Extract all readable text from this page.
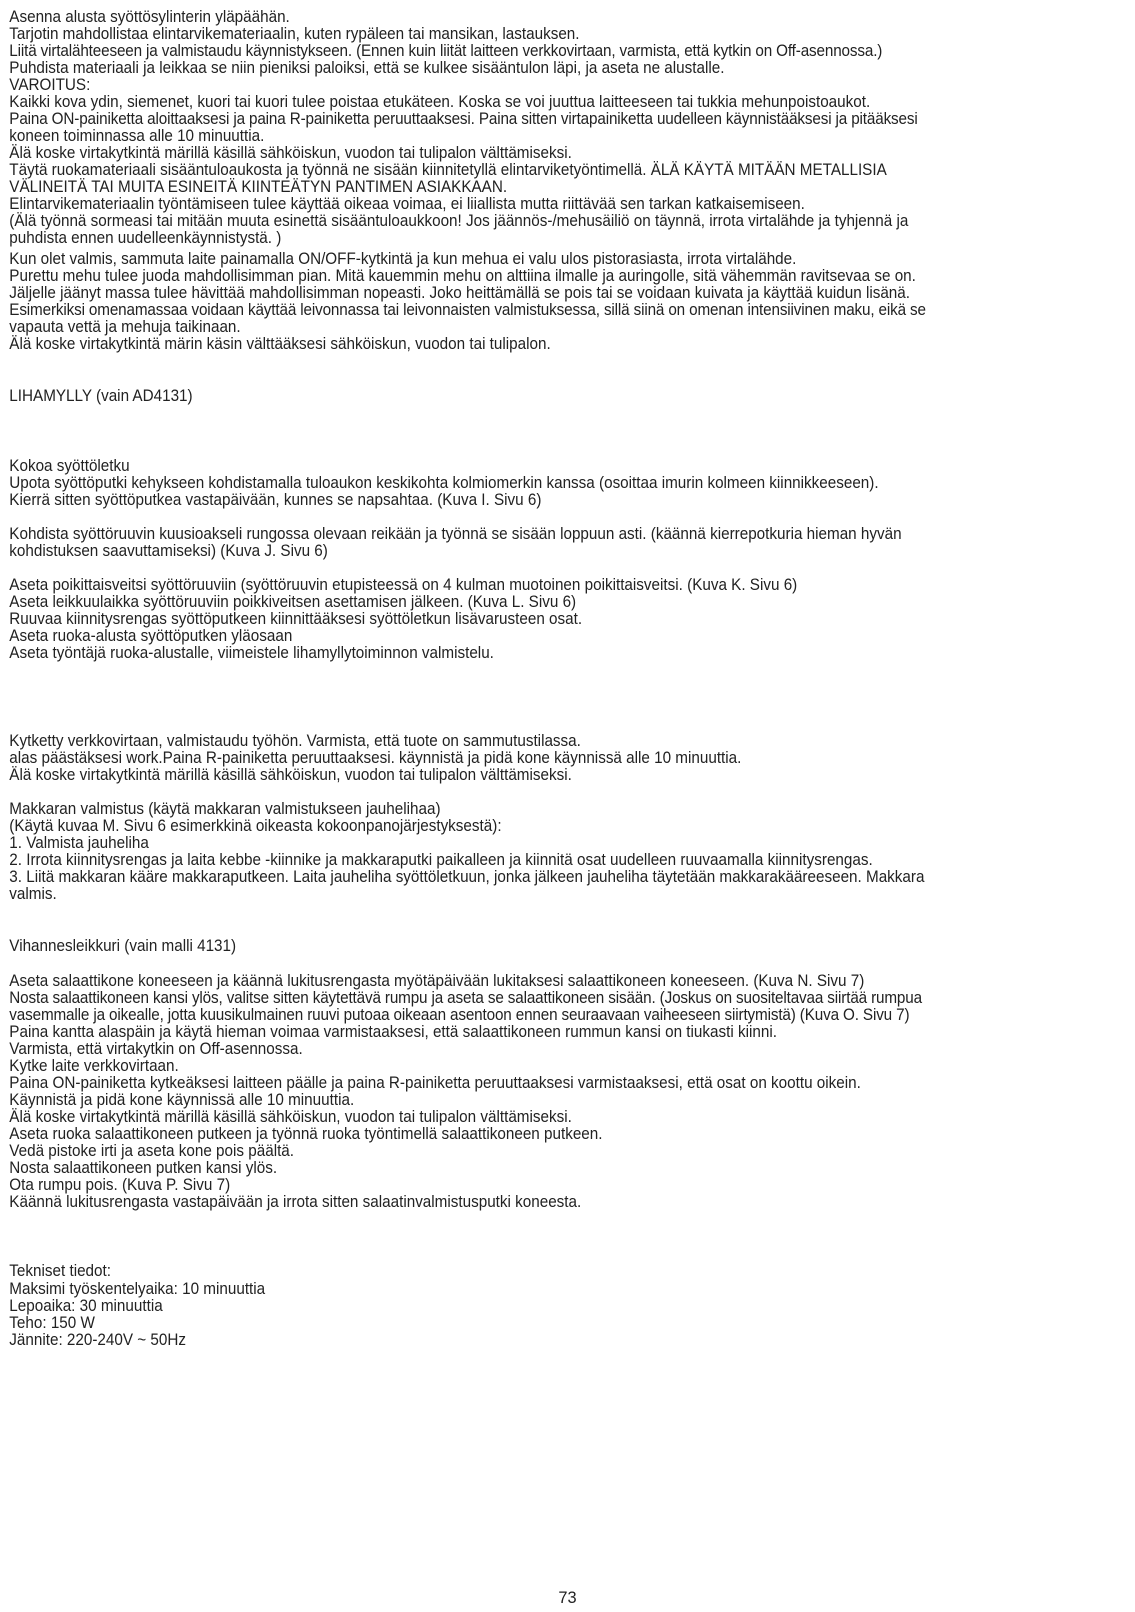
Asenna alusta syöttösylinterin yläpäähän.
Tarjotin mahdollistaa elintarvikemateriaalin, kuten rypäleen tai mansikan, lastauksen.
Liitä virtalähteeseen ja valmistaudu käynnistykseen. (Ennen kuin liität laitteen verkkovirtaan, varmista, että kytkin on Off-asennossa.)
Puhdista materiaali ja leikkaa se niin pieniksi paloiksi, että se kulkee sisääntulon läpi, ja aseta ne alustalle.
VAROITUS:
Kaikki kova ydin, siemenet, kuori tai kuori tulee poistaa etukäteen. Koska se voi juuttua laitteeseen tai tukkia mehunpoistoaukot.
Paina ON-painiketta aloittaaksesi ja paina R-painiketta peruuttaaksesi. Paina sitten virtapainiketta uudelleen käynnistääksesi ja pitääksesi
koneen toiminnassa alle 10 minuuttia.
Älä koske virtakytkintä märillä käsillä sähköiskun, vuodon tai tulipalon välttämiseksi.
Täytä ruokamateriaali sisääntuloaukosta ja työnnä ne sisään kiinnitetyllä elintarviketyöntimellä. ÄLÄ KÄYTÄ MITÄÄN METALLISIA
VÄLINEITÄ TAI MUITA ESINEITÄ KIINTEÄTYN PANTIMEN ASIAKKAAN.
Elintarvikemateriaalin työntämiseen tulee käyttää oikeaa voimaa, ei liiallista mutta riittävää sen tarkan katkaisemiseen.
(Älä työnnä sormeasi tai mitään muuta esinettä sisääntuloaukkoon! Jos jäännös-/mehusäiliö on täynnä, irrota virtalähde ja tyhjennä ja
puhdista ennen uudelleenkäynnistystä. )
Kun olet valmis, sammuta laite painamalla ON/OFF-kytkintä ja kun mehua ei valu ulos pistorasiasta, irrota virtalähde.
Purettu mehu tulee juoda mahdollisimman pian. Mitä kauemmin mehu on alttiina ilmalle ja auringolle, sitä vähemmän ravitsevaa se on.
Jäljelle jäänyt massa tulee hävittää mahdollisimman nopeasti. Joko heittämällä se pois tai se voidaan kuivata ja käyttää kuidun lisänä.
Esimerkiksi omenamassaa voidaan käyttää leivonnassa tai leivonnaisten valmistuksessa, sillä siinä on omenan intensiivinen maku, eikä se
vapauta vettä ja mehuja taikinaan.
Älä koske virtakytkintä märin käsin välttääksesi sähköiskun, vuodon tai tulipalon.
LIHAMYLLY (vain AD4131)
Kokoa syöttöletku
Upota syöttöputki kehykseen kohdistamalla tuloaukon keskikohta kolmiomerkin kanssa (osoittaa imurin kolmeen kiinnikkeeseen).
Kierrä sitten syöttöputkea vastapäivään, kunnes se napsahtaa. (Kuva I. Sivu 6)
Kohdista syöttöruuvin kuusioakseli rungossa olevaan reikään ja työnnä se sisään loppuun asti. (käännä kierrepotkuria hieman hyvän
kohdistuksen saavuttamiseksi) (Kuva J. Sivu 6)
Aseta poikittaisveitsi syöttöruuviin (syöttöruuvin etupisteessä on 4 kulman muotoinen poikittaisveitsi. (Kuva K. Sivu 6)
Aseta leikkuulaikka syöttöruuviin poikkiveitsen asettamisen jälkeen. (Kuva L. Sivu 6)
Ruuvaa kiinnitysrengas syöttöputkeen kiinnittääksesi syöttöletkun lisävarusteen osat.
Aseta ruoka-alusta syöttöputken yläosaan
Aseta työntäjä ruoka-alustalle, viimeistele lihamyllytoiminnon valmistelu.
Kytketty verkkovirtaan, valmistaudu työhön. Varmista, että tuote on sammutustilassa.
alas päästäksesi work.Paina R-painiketta peruuttaaksesi. käynnistä ja pidä kone käynnissä alle 10 minuuttia.
Älä koske virtakytkintä märillä käsillä sähköiskun, vuodon tai tulipalon välttämiseksi.
Makkaran valmistus (käytä makkaran valmistukseen jauhelihaa)
(Käytä kuvaa M. Sivu 6 esimerkkinä oikeasta kokoonpanojärjestyksestä):
1. Valmista jauheliha
2. Irrota kiinnitysrengas ja laita kebbe -kiinnike ja makkaraputki paikalleen ja kiinnitä osat uudelleen ruuvaamalla kiinnitysrengas.
3. Liitä makkaran kääre makkaraputkeen. Laita jauheliha syöttöletkuun, jonka jälkeen jauheliha täytetään makkarakääreeseen. Makkara
valmis.
Vihannesleikkuri (vain malli 4131)
Aseta salaattikone koneeseen ja käännä lukitusrengasta myötäpäivään lukitaksesi salaattikoneen koneeseen. (Kuva N. Sivu 7)
Nosta salaattikoneen kansi ylös, valitse sitten käytettävä rumpu ja aseta se salaattikoneen sisään. (Joskus on suositeltavaa siirtää rumpua
vasemmalle ja oikealle, jotta kuusikulmainen ruuvi putoaa oikeaan asentoon ennen seuraavaan vaiheeseen siirtymistä) (Kuva O. Sivu 7)
Paina kantta alaspäin ja käytä hieman voimaa varmistaaksesi, että salaattikoneen rummun kansi on tiukasti kiinni.
Varmista, että virtakytkin on Off-asennossa.
Kytke laite verkkovirtaan.
Paina ON-painiketta kytkeäksesi laitteen päälle ja paina R-painiketta peruuttaaksesi varmistaaksesi, että osat on koottu oikein.
Käynnistä ja pidä kone käynnissä alle 10 minuuttia.
Älä koske virtakytkintä märillä käsillä sähköiskun, vuodon tai tulipalon välttämiseksi.
Aseta ruoka salaattikoneen putkeen ja työnnä ruoka työntimellä salaattikoneen putkeen.
Vedä pistoke irti ja aseta kone pois päältä.
Nosta salaattikoneen putken kansi ylös.
Ota rumpu pois. (Kuva P. Sivu 7)
Käännä lukitusrengasta vastapäivään ja irrota sitten salaatinvalmistusputki koneesta.
Tekniset tiedot:
Maksimi työskentelyaika: 10 minuuttia
Lepoaika: 30 minuuttia
Teho: 150 W
Jännite: 220-240V ~ 50Hz
73
